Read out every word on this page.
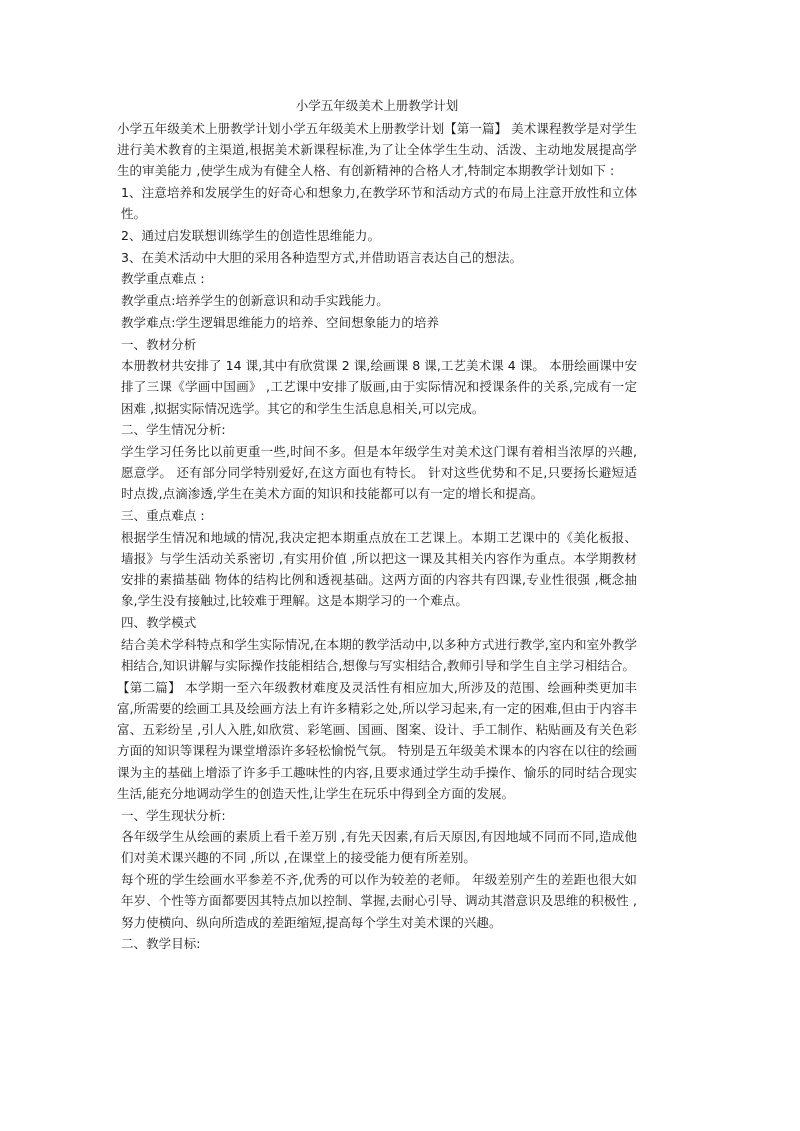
小学五年级美术上册教学计划

小学五年级美术上册教学计划小学五年级美术上册教学计划【第一篇】 美术课程教学是对学生进行美术教育的主渠道,根据美术新课程标准,为了让全体学生生动、活泼、主动地发展提高学生的审美能力 ,使学生成为有健全人格、有创新精神的合格人才,特制定本期教学计划如下 :

1、注意培养和发展学生的好奇心和想象力,在教学环节和活动方式的布局上注意开放性和立体性。

2、通过启发联想训练学生的创造性思维能力。

3、在美术活动中大胆的采用各种造型方式,并借助语言表达自己的想法。

教学重点难点 :

教学重点:培养学生的创新意识和动手实践能力。

教学难点:学生逻辑思维能力的培养、空间想象能力的培养

一、教材分析

本册教材共安排了 14 课,其中有欣赏课 2 课,绘画课 8 课,工艺美术课 4 课。 本册绘画课中安排了三课《学画中国画》 ,工艺课中安排了版画,由于实际情况和授课条件的关系,完成有一定困难 ,拟据实际情况选学。其它的和学生生活息息相关,可以完成。

二、学生情况分析:

学生学习任务比以前更重一些,时间不多。但是本年级学生对美术这门课有着相当浓厚的兴趣,愿意学。 还有部分同学特别爱好,在这方面也有特长。 针对这些优势和不足,只要扬长避短适时点拨,点滴渗透,学生在美术方面的知识和技能都可以有一定的增长和提高。

三、重点难点 :

根据学生情况和地域的情况,我决定把本期重点放在工艺课上。本期工艺课中的《美化板报、墙报》与学生活动关系密切 ,有实用价值 ,所以把这一课及其相关内容作为重点。本学期教材安排的素描基础 物体的结构比例和透视基础。这两方面的内容共有四课,专业性很强 ,概念抽象,学生没有接触过,比较难于理解。这是本期学习的一个难点。

四、教学模式

结合美术学科特点和学生实际情况,在本期的教学活动中,以多种方式进行教学,室内和室外教学相结合,知识讲解与实际操作技能相结合,想像与写实相结合,教师引导和学生自主学习相结合。

【第二篇】 本学期一至六年级教材难度及灵活性有相应加大,所涉及的范围、绘画种类更加丰富,所需要的绘画工具及绘画方法上有许多精彩之处,所以学习起来,有一定的困难,但由于内容丰富、五彩纷呈 ,引人入胜,如欣赏、彩笔画、国画、图案、设计、手工制作、粘贴画及有关色彩方面的知识等课程为课堂增添许多轻松愉悦气氛。 特别是五年级美术课本的内容在以往的绘画课为主的基础上增添了许多手工趣味性的内容,且要求通过学生动手操作、愉乐的同时结合现实生活,能充分地调动学生的创造天性,让学生在玩乐中得到全方面的发展。

一、学生现状分析:

各年级学生从绘画的素质上看千差万别 ,有先天因素,有后天原因,有因地域不同而不同,造成他们对美术课兴趣的不同 ,所以 ,在课堂上的接受能力便有所差别。

每个班的学生绘画水平参差不齐,优秀的可以作为较差的老师。 年级差别产生的差距也很大如年岁、个性等方面都要因其特点加以控制、掌握,去耐心引导、调动其潜意识及思维的积极性 ,努力使横向、纵向所造成的差距缩短,提高每个学生对美术课的兴趣。

二、教学目标:
